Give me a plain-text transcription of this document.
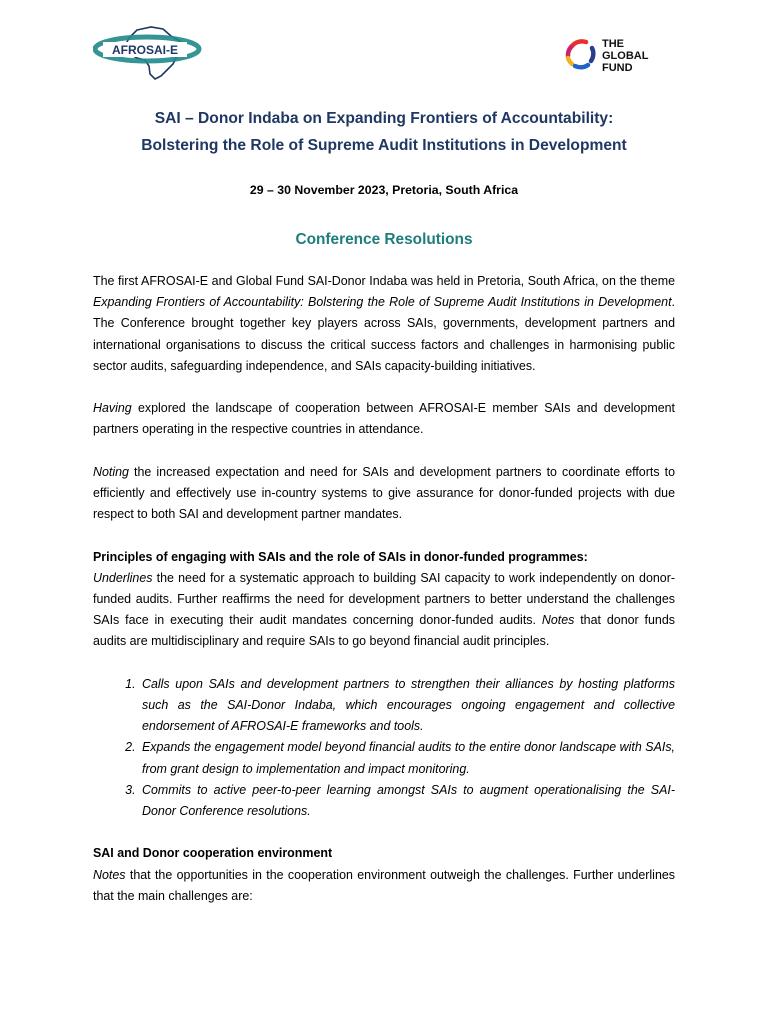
AFROSAI-E	THE
GLOBAL
FUND
SAI – Donor Indaba on Expanding Frontiers of Accountability:
Bolstering the Role of Supreme Audit Institutions in Development

29 – 30 November 2023, Pretoria, South Africa

Conference Resolutions

The first AFROSAI-E and Global Fund SAI-Donor Indaba was held in Pretoria, South Africa, on the theme Expanding Frontiers of Accountability: Bolstering the Role of Supreme Audit Institutions in Development. The Conference brought together key players across SAIs, governments, development partners and international organisations to discuss the critical success factors and challenges in harmonising public sector audits, safeguarding independence, and SAIs capacity-building initiatives.

Having explored the landscape of cooperation between AFROSAI-E member SAIs and development partners operating in the respective countries in attendance.

Noting the increased expectation and need for SAIs and development partners to coordinate efforts to efficiently and effectively use in-country systems to give assurance for donor-funded projects with due respect to both SAI and development partner mandates.

Principles of engaging with SAIs and the role of SAIs in donor-funded programmes:

Underlines the need for a systematic approach to building SAI capacity to work independently on donor-funded audits. Further reaffirms the need for development partners to better understand the challenges SAIs face in executing their audit mandates concerning donor-funded audits. Notes that donor funds audits are multidisciplinary and require SAIs to go beyond financial audit principles.

1. Calls upon SAIs and development partners to strengthen their alliances by hosting platforms such as the SAI-Donor Indaba, which encourages ongoing engagement and collective endorsement of AFROSAI-E frameworks and tools.
2. Expands the engagement model beyond financial audits to the entire donor landscape with SAIs, from grant design to implementation and impact monitoring.
3. Commits to active peer-to-peer learning amongst SAIs to augment operationalising the SAI-Donor Conference resolutions.

SAI and Donor cooperation environment

Notes that the opportunities in the cooperation environment outweigh the challenges. Further underlines that the main challenges are:
